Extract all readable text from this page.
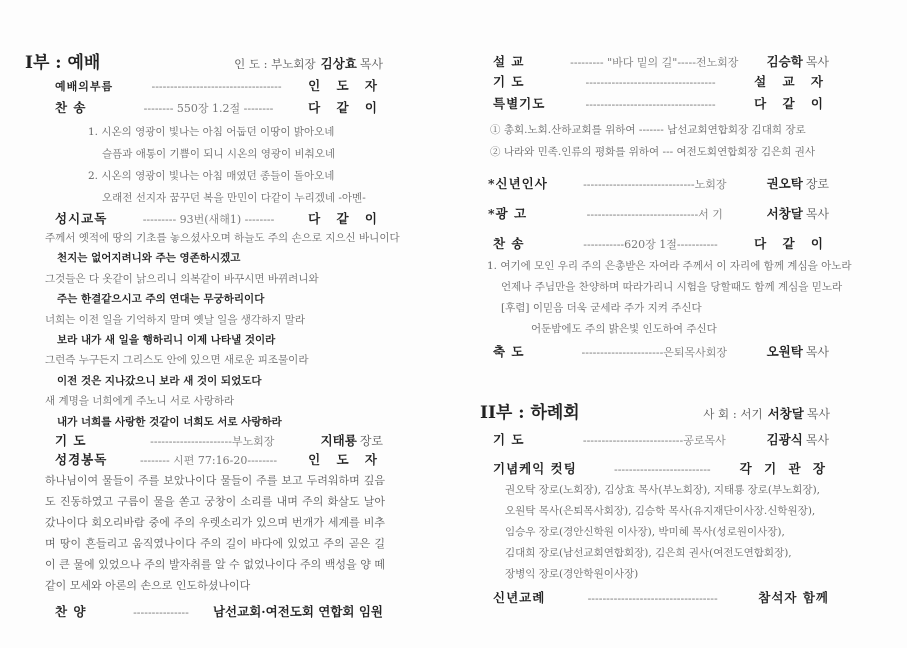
I부 : 예배	인 도 : 부노회장 김상효 목사
예배의부름	-----------------------------------	인 도 자
찬 송	-------- 550장 1.2절 --------	다 같 이
1. 시온의 영광이 빛나는 아침 어둡던 이땅이 밝아오네
슬픔과 애통이 기쁨이 되니 시온의 영광이 비춰오네
2. 시온의 영광이 빛나는 아침 매였던 종들이 돌아오네
오래전 선지자 꿈꾸던 복을 만민이 다같이 누리겠네 -아멘-
성시교독	--------- 93번(새해1) --------	다 같 이
주께서 옛적에 땅의 기초를 놓으셨사오며 하늘도 주의 손으로 지으신 바니이다
천지는 없어지려니와 주는 영존하시겠고
그것들은 다 옷같이 낡으리니 의복같이 바꾸시면 바뀌려니와
주는 한결같으시고 주의 연대는 무궁하리이다
너희는 이전 일을 기억하지 말며 옛날 일을 생각하지 말라
보라 내가 새 일을 행하리니 이제 나타낼 것이라
그런즉 누구든지 그리스도 안에 있으면 새로운 피조물이라
이전 것은 지나갔으니 보라 새 것이 되었도다
새 계명을 너희에게 주노니 서로 사랑하라
내가 너희를 사랑한 것같이 너희도 서로 사랑하라
기 도	----------------------부노회장	지태룡 장로
성경봉독	-------- 시편 77:16-20--------	인 도 자
하나님이여 물들이 주를 보았나이다 물들이 주를 보고 두려워하며 깊음도 진동하였고 구름이 물을 쏟고 궁창이 소리를 내며 주의 화살도 날아갔나이다 회오리바람 중에 주의 우렛소리가 있으며 번개가 세계를 비추며 땅이 흔들리고 움직였나이다 주의 길이 바다에 있었고 주의 곧은 길이 큰 물에 있었으나 주의 발자취를 알 수 없었나이다 주의 백성을 양 떼 같이 모세와 아론의 손으로 인도하셨나이다
찬 양	---------------	남선교회·여전도회 연합회 임원
설 교	--------- "바다 밑의 길"-----전노회장	김승학 목사
기 도	-----------------------------------	설 교 자
특별기도	-----------------------------------	다 같 이
① 총회.노회.산하교회를 위하여 ------- 남선교회연합회장 김대희 장로
② 나라와 민족.인류의 평화를 위하여 --- 여전도회연합회장 김은희 권사
*신년인사	------------------------------노회장	권오탁 장로
*광 고	------------------------------서 기	서창달 목사
찬 송	-----------620장 1절-----------	다 같 이
1. 여기에 모인 우리 주의 은총받은 자여라 주께서 이 자리에 함께 계심을 아노라
언제나 주님만을 찬양하며 따라가리니 시험을 당할때도 함께 계심을 믿노라
[후렴] 이믿음 더욱 굳세라 주가 지켜 주신다
어둔밤에도 주의 밝은빛 인도하여 주신다
축 도	----------------------은퇴목사회장	오원탁 목사
II부 : 하례회	사 회 : 서기 서창달 목사
기 도	---------------------------공로목사	김광식 목사
기념케익 컷팅	--------------------------	각 기 관 장
권오탁 장로(노회장), 김상효 목사(부노회장), 지태룡 장로(부노회장),
오원탁 목사(은퇴목사회장), 김승학 목사(유지재단이사장.신학원장),
임승우 장로(경안신학원 이사장), 박미혜 목사(성로원이사장),
김대희 장로(남선교회연합회장), 김은희 권사(여전도연합회장),
장병익 장로(경안학원이사장)
신년교례	-----------------------------------	참석자 함께
